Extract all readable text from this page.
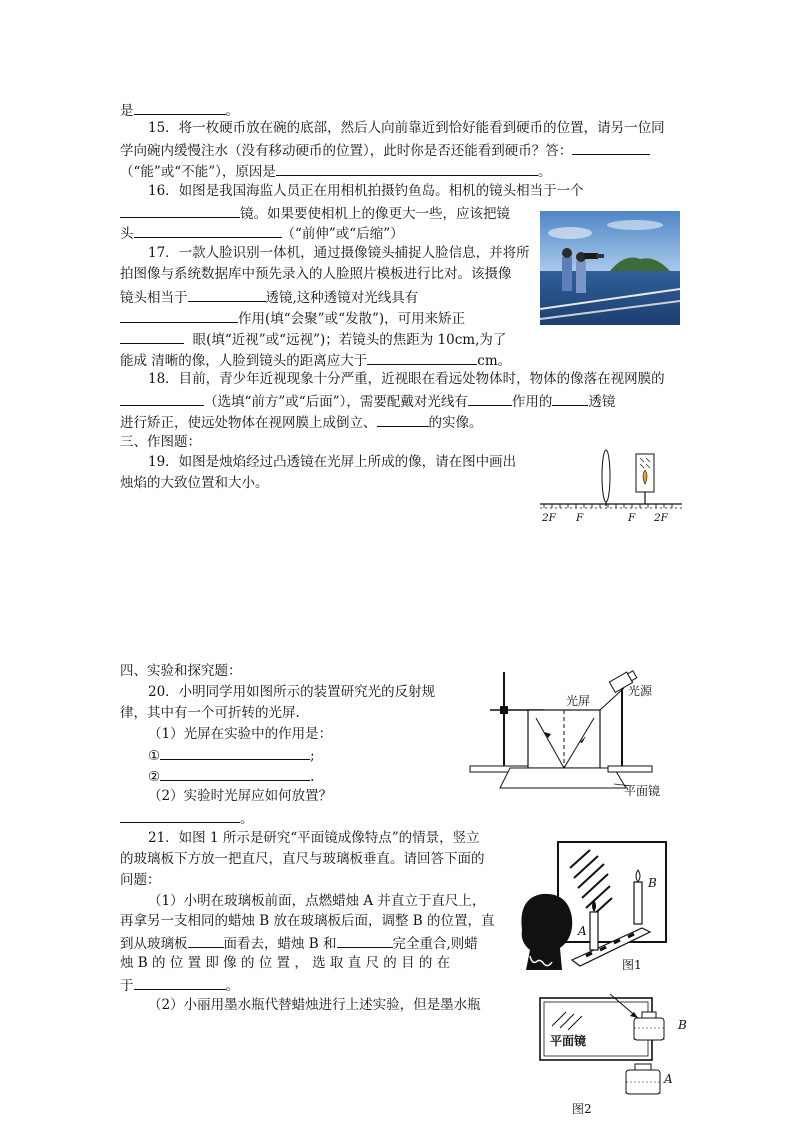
是	。
15．将一枚硬币放在碗的底部，然后人向前靠近到恰好能看到硬币的位置，请另一位同
学向碗内缓慢注水（没有移动硬币的位置），此时你是否还能看到硬币？答：
（“能”或“不能”），原因是	。
16．如图是我国海监人员正在用相机拍摄钓鱼岛。相机的镜头相当于一个
镜。如果要使相机上的像更大一些，应该把镜
头	（“前伸”或“后缩”）
17．一款人脸识别一体机，通过摄像镜头捕捉人脸信息，并将所
拍图像与系统数据库中预先录入的人脸照片模板进行比对。该摄像
镜头相当于	透镜,这种透镜对光线具有
作用(填“会聚”或“发散”)，可用来矫正
眼(填“近视”或“远视”)；若镜头的焦距为 10cm,为了
能成 清晰的像，人脸到镜头的距离应大于	cm。
18．目前，青少年近视现象十分严重，近视眼在看远处物体时，物体的像落在视网膜的
（选填“前方”或“后面”），需要配戴对光线有	作用的	透镜
进行矫正，使远处物体在视网膜上成倒立、	的实像。
三、作图题：
19．如图是烛焰经过凸透镜在光屏上所成的像，请在图中画出
烛焰的大致位置和大小。
四、实验和探究题：
20．小明同学用如图所示的装置研究光的反射规
律，其中有一个可折转的光屏.
（1）光屏在实验中的作用是：
①	;
②	.
（2）实验时光屏应如何放置？
。
21．如图 1 所示是研究“平面镜成像特点”的情景，竖立
的玻璃板下方放一把直尺，直尺与玻璃板垂直。请回答下面的
问题：
（1）小明在玻璃板前面，点燃蜡烛 A 并直立于直尺上，
再拿另一支相同的蜡烛 B 放在玻璃板后面，调整 B 的位置，直
到从玻璃板	面看去，蜡烛 B 和	完全重合,则蜡
烛 B 的 位 置 即 像 的 位 置 ， 选 取 直 尺 的 目 的 在
于	。
（2）小丽用墨水瓶代替蜡烛进行上述实验，但是墨水瓶
2F F	F 2F
光屏
光源
平面镜
B
A
图1
平面镜
B
A
图2
